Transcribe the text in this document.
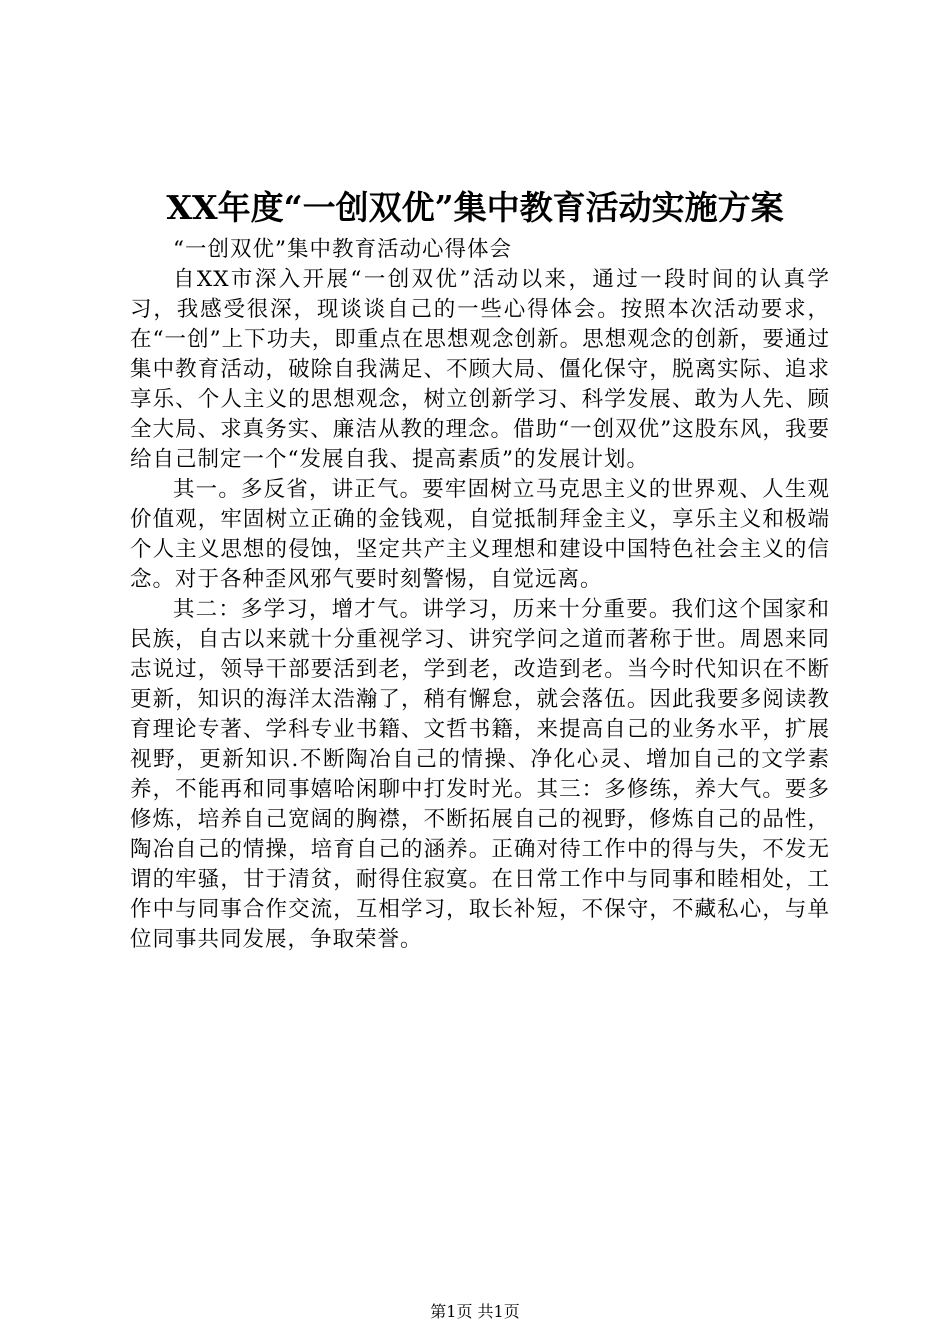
XX年度“一创双优”集中教育活动实施方案

“一创双优”集中教育活动心得体会

自XX市深入开展“一创双优”活动以来，通过一段时间的认真学习，我感受很深，现谈谈自己的一些心得体会。按照本次活动要求，在“一创”上下功夫，即重点在思想观念创新。思想观念的创新，要通过集中教育活动，破除自我满足、不顾大局、僵化保守，脱离实际、追求享乐、个人主义的思想观念，树立创新学习、科学发展、敢为人先、顾全大局、求真务实、廉洁从教的理念。借助“一创双优”这股东风，我要给自己制定一个“发展自我、提高素质”的发展计划。

其一。多反省，讲正气。要牢固树立马克思主义的世界观、人生观价值观，牢固树立正确的金钱观，自觉抵制拜金主义，享乐主义和极端个人主义思想的侵蚀，坚定共产主义理想和建设中国特色社会主义的信念。对于各种歪风邪气要时刻警惕，自觉远离。

其二：多学习，增才气。讲学习，历来十分重要。我们这个国家和民族，自古以来就十分重视学习、讲究学问之道而著称于世。周恩来同志说过，领导干部要活到老，学到老，改造到老。当今时代知识在不断更新，知识的海洋太浩瀚了，稍有懈怠，就会落伍。因此我要多阅读教育理论专著、学科专业书籍、文哲书籍，来提高自己的业务水平，扩展视野，更新知识.不断陶冶自己的情操、净化心灵、增加自己的文学素养，不能再和同事嬉哈闲聊中打发时光。其三：多修练，养大气。要多修炼，培养自己宽阔的胸襟，不断拓展自己的视野，修炼自己的品性，陶冶自己的情操，培育自己的涵养。正确对待工作中的得与失，不发无谓的牢骚，甘于清贫，耐得住寂寞。在日常工作中与同事和睦相处，工作中与同事合作交流，互相学习，取长补短，不保守，不藏私心，与单位同事共同发展，争取荣誉。

第1页 共1页
